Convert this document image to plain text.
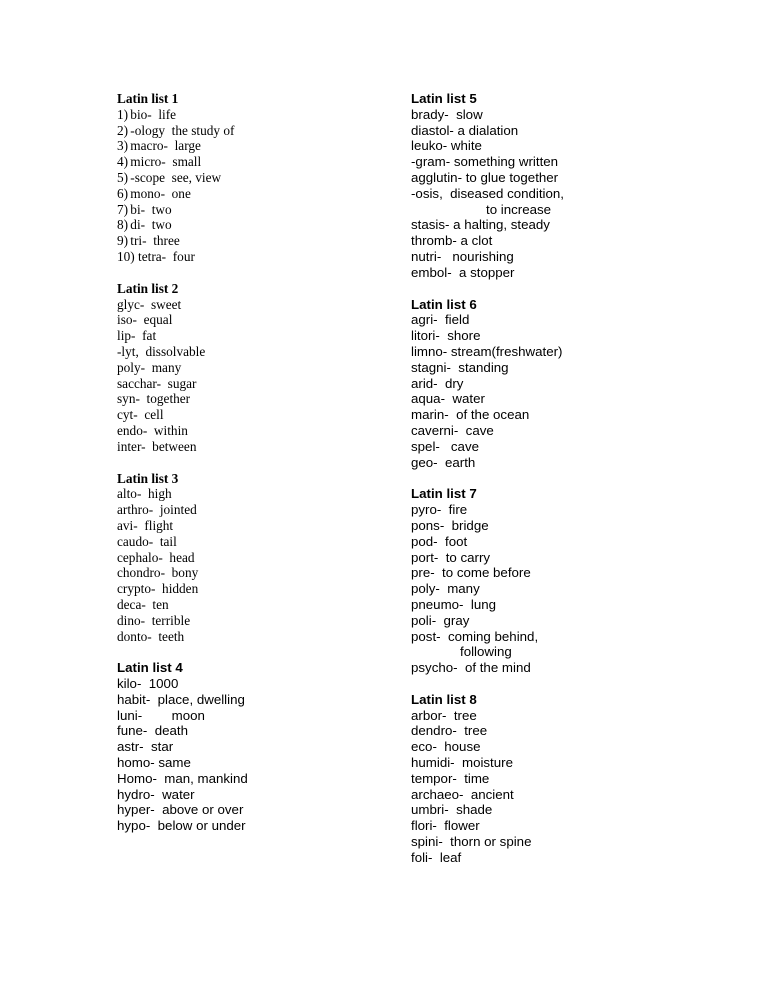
Latin list 1
1)	bio-  life
2)	-ology  the study of
3)	macro-  large
4)	micro-  small
5)	-scope  see, view
6)	mono-  one
7)	bi-  two
8)	di-  two
9)	tri-  three
10) tetra-  four
Latin list 2
glyc-  sweet
iso-  equal
lip-  fat
-lyt,  dissolvable
poly-  many
sacchar-  sugar
syn-  together
cyt-  cell
endo-  within
inter-  between
Latin list 3
alto-  high
arthro-  jointed
avi-  flight
caudo-  tail
cephalo-  head
chondro-  bony
crypto-  hidden
deca-  ten
dino-  terrible
donto-  teeth
Latin list 4
kilo-  1000
habit-  place, dwelling
luni-        moon
fune-  death
astr-  star
homo- same
Homo-  man, mankind
hydro-  water
hyper-  above or over
hypo-  below or under
Latin list 5
brady-  slow
diastol- a dialation
leuko- white
-gram- something written
agglutin- to glue together
-osis,  diseased condition,
to increase
stasis- a halting, steady
thromb- a clot
nutri-   nourishing
embol-  a stopper
Latin list 6
agri-  field
litori-  shore
limno- stream(freshwater)
stagni-  standing
arid-  dry
aqua-  water
marin-  of the ocean
caverni-  cave
spel-   cave
geo-  earth
Latin list 7
pyro-  fire
pons-  bridge
pod-  foot
port-  to carry
pre-  to come before
poly-  many
pneumo-  lung
poli-  gray
post-  coming behind,
following
psycho-  of the mind
Latin list 8
arbor-  tree
dendro-  tree
eco-  house
humidi-  moisture
tempor-  time
archaeo-  ancient
umbri-  shade
flori-  flower
spini-  thorn or spine
foli-  leaf
